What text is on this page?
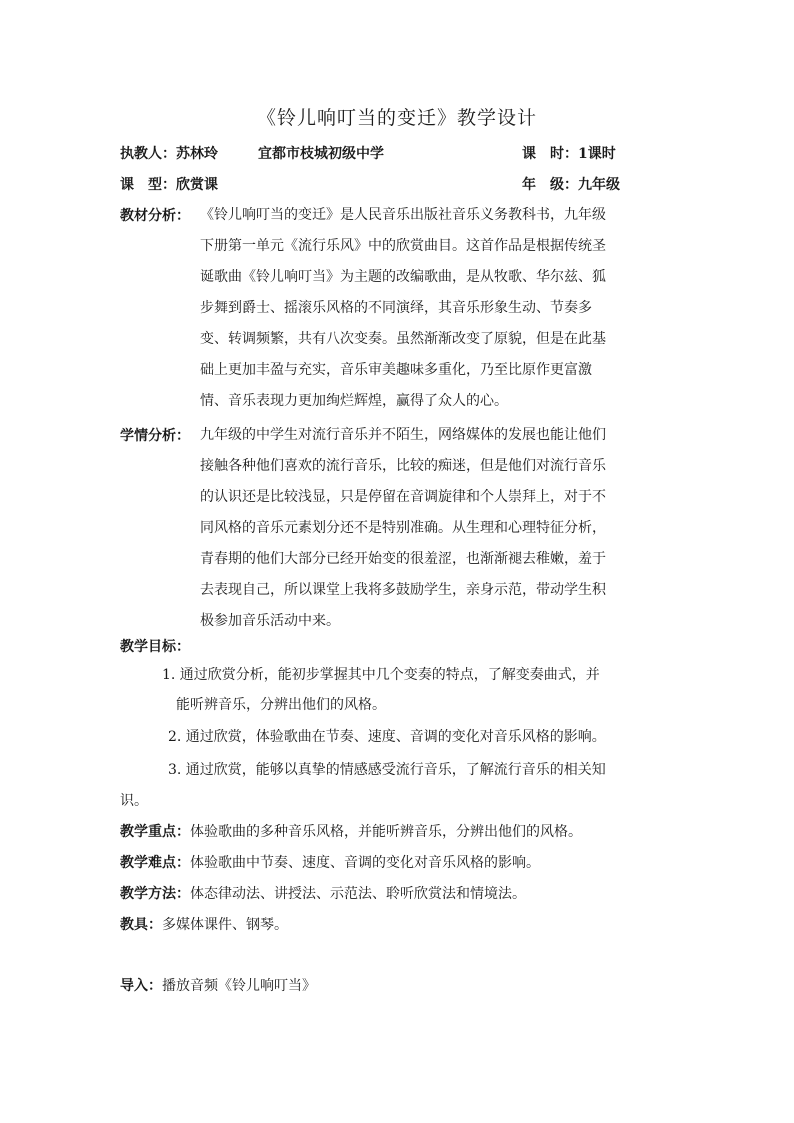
《铃儿响叮当的变迁》教学设计
执教人：苏林玲	宜都市枝城初级中学	课　时：1课时
课　型：欣赏课	年　级：九年级
教材分析： 《铃儿响叮当的变迁》是人民音乐出版社音乐义务教科书，九年级
下册第一单元《流行乐风》中的欣赏曲目。这首作品是根据传统圣
诞歌曲《铃儿响叮当》为主题的改编歌曲，是从牧歌、华尔兹、狐
步舞到爵士、摇滚乐风格的不同演绎，其音乐形象生动、节奏多
变、转调频繁，共有八次变奏。虽然渐渐改变了原貌，但是在此基
础上更加丰盈与充实，音乐审美趣味多重化，乃至比原作更富激
情、音乐表现力更加绚烂辉煌，赢得了众人的心。
学情分析： 九年级的中学生对流行音乐并不陌生，网络媒体的发展也能让他们
接触各种他们喜欢的流行音乐，比较的痴迷，但是他们对流行音乐
的认识还是比较浅显，只是停留在音调旋律和个人崇拜上，对于不
同风格的音乐元素划分还不是特别准确。从生理和心理特征分析，
青春期的他们大部分已经开始变的很羞涩，也渐渐褪去稚嫩，羞于
去表现自己，所以课堂上我将多鼓励学生，亲身示范，带动学生积
极参加音乐活动中来。
教学目标：
1. 通过欣赏分析，能初步掌握其中几个变奏的特点，了解变奏曲式，并
能听辨音乐，分辨出他们的风格。
2. 通过欣赏，体验歌曲在节奏、速度、音调的变化对音乐风格的影响。
3. 通过欣赏，能够以真挚的情感感受流行音乐，了解流行音乐的相关知
识。
教学重点：体验歌曲的多种音乐风格，并能听辨音乐，分辨出他们的风格。
教学难点：体验歌曲中节奏、速度、音调的变化对音乐风格的影响。
教学方法：体态律动法、讲授法、示范法、聆听欣赏法和情境法。
教具：多媒体课件、钢琴。
导入：播放音频《铃儿响叮当》
